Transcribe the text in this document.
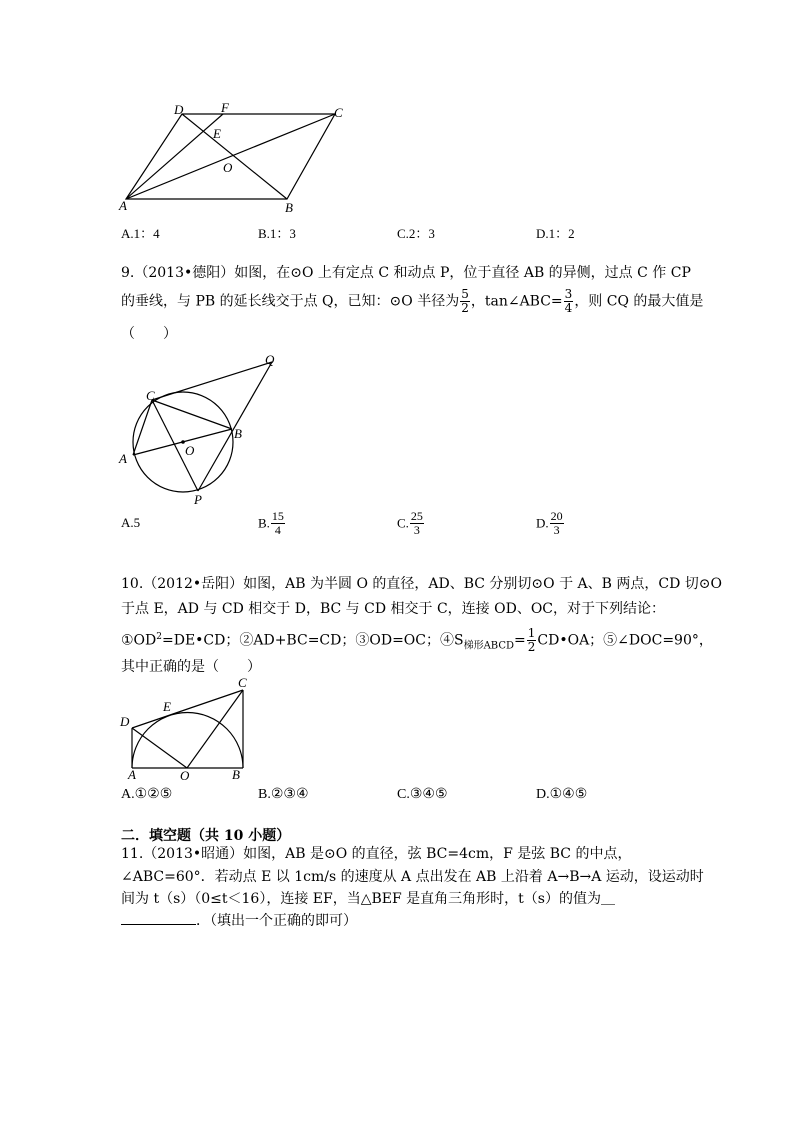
D	F	C
E
O
A	B
A.1：4	B.1：3	C.2：3	D.1：2
9.（2013•德阳）如图，在⊙O 上有定点 C 和动点 P，位于直径 AB 的异侧，过点 C 作 CP
的垂线，与 PB 的延长线交于点 Q，已知：⊙O 半径为 $\frac{5}{2}$ ，tan∠ABC= $\frac{3}{4}$ ，则 CQ 的最大值是
（　　）
Q
C
B
O
A
P
A.5	B. $\frac{15}{4}$	C. $\frac{25}{3}$	D. $\frac{20}{3}$
10.（2012•岳阳）如图，AB 为半圆 O 的直径，AD、BC 分别切⊙O 于 A、B 两点，CD 切⊙O
于点 E，AD 与 CD 相交于 D，BC 与 CD 相交于 C，连接 OD、OC，对于下列结论：
$①OD^2=DE•CD$；②AD+BC=CD；③OD=OC；$④S_{梯形ABCD}= \frac{1}{2}$ CD•OA；⑤∠DOC=90°，
其中正确的是（　　）
C
E
D
A	O	B
A.①②⑤	B.②③④	C.③④⑤	D.①④⑤
二．填空题（共 10 小题）
11.（2013•昭通）如图，AB 是⊙O 的直径，弦 BC=4cm，F 是弦 BC 的中点，
∠ABC=60°．若动点 E 以 1cm/s 的速度从 A 点出发在 AB 上沿着 A→B→A 运动，设运动时
间为 t（s）（0≤t＜16），连接 EF，当△BEF 是直角三角形时，t（s）的值为＿
．（填出一个正确的即可）
